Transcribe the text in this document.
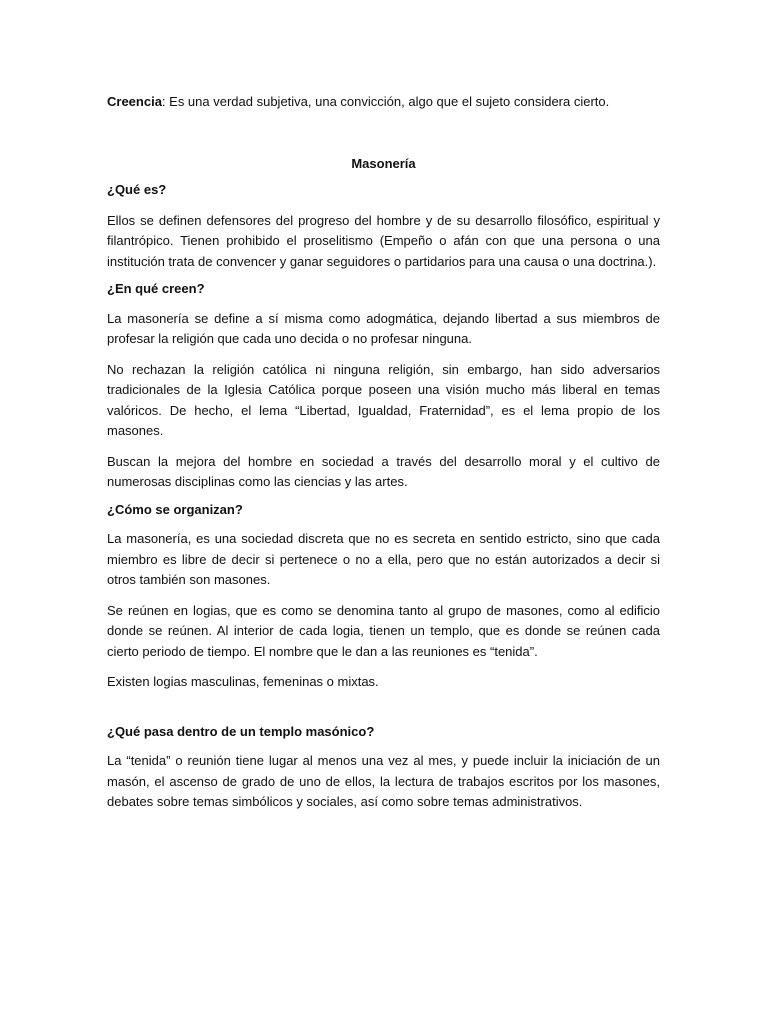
Creencia: Es una verdad subjetiva, una convicción, algo que el sujeto considera cierto.

Masonería

¿Qué es?

Ellos se definen defensores del progreso del hombre y de su desarrollo filosófico, espiritual y filantrópico. Tienen prohibido el proselitismo (Empeño o afán con que una persona o una institución trata de convencer y ganar seguidores o partidarios para una causa o una doctrina.).

¿En qué creen?

La masonería se define a sí misma como adogmática, dejando libertad a sus miembros de profesar la religión que cada uno decida o no profesar ninguna.

No rechazan la religión católica ni ninguna religión, sin embargo, han sido adversarios tradicionales de la Iglesia Católica porque poseen una visión mucho más liberal en temas valóricos. De hecho, el lema “Libertad, Igualdad, Fraternidad”, es el lema propio de los masones.

Buscan la mejora del hombre en sociedad a través del desarrollo moral y el cultivo de numerosas disciplinas como las ciencias y las artes.

¿Cómo se organizan?

La masonería, es una sociedad discreta que no es secreta en sentido estricto, sino que cada miembro es libre de decir si pertenece o no a ella, pero que no están autorizados a decir si otros también son masones.

Se reúnen en logias, que es como se denomina tanto al grupo de masones, como al edificio donde se reúnen. Al interior de cada logia, tienen un templo, que es donde se reúnen cada cierto periodo de tiempo. El nombre que le dan a las reuniones es “tenida”.

Existen logias masculinas, femeninas o mixtas.

¿Qué pasa dentro de un templo masónico?

La “tenida” o reunión tiene lugar al menos una vez al mes, y puede incluir la iniciación de un masón, el ascenso de grado de uno de ellos, la lectura de trabajos escritos por los masones, debates sobre temas simbólicos y sociales, así como sobre temas administrativos.
